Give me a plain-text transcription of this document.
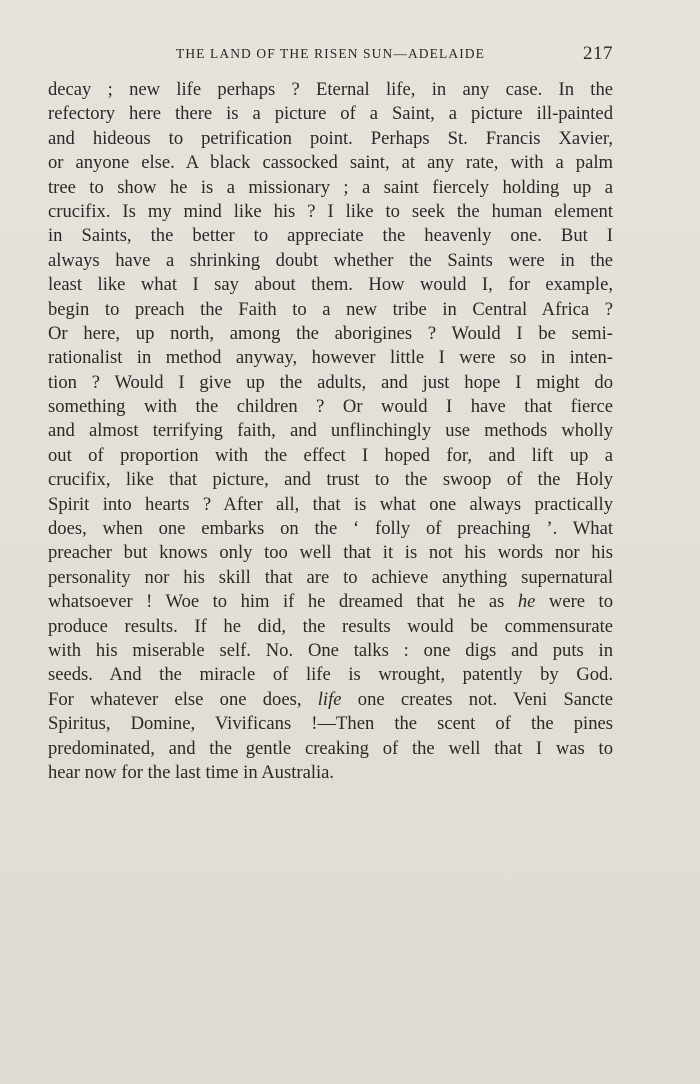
THE LAND OF THE RISEN SUN—ADELAIDE	217
decay ; new life perhaps ? Eternal life, in any case. In the
refectory here there is a picture of a Saint, a picture ill-painted
and hideous to petrification point. Perhaps St. Francis Xavier,
or anyone else. A black cassocked saint, at any rate, with a palm
tree to show he is a missionary ; a saint fiercely holding up a
crucifix. Is my mind like his ? I like to seek the human element
in Saints, the better to appreciate the heavenly one. But I
always have a shrinking doubt whether the Saints were in the
least like what I say about them. How would I, for example,
begin to preach the Faith to a new tribe in Central Africa ?
Or here, up north, among the aborigines ? Would I be semi-
rationalist in method anyway, however little I were so in inten-
tion ? Would I give up the adults, and just hope I might do
something with the children ? Or would I have that fierce
and almost terrifying faith, and unflinchingly use methods wholly
out of proportion with the effect I hoped for, and lift up a
crucifix, like that picture, and trust to the swoop of the Holy
Spirit into hearts ? After all, that is what one always practically
does, when one embarks on the ‘ folly of preaching ’. What
preacher but knows only too well that it is not his words nor his
personality nor his skill that are to achieve anything supernatural
whatsoever ! Woe to him if he dreamed that he as he were to
produce results. If he did, the results would be commensurate
with his miserable self. No. One talks : one digs and puts in
seeds. And the miracle of life is wrought, patently by God.
For whatever else one does, life one creates not. Veni Sancte
Spiritus, Domine, Vivificans !—Then the scent of the pines
predominated, and the gentle creaking of the well that I was to
hear now for the last time in Australia.
